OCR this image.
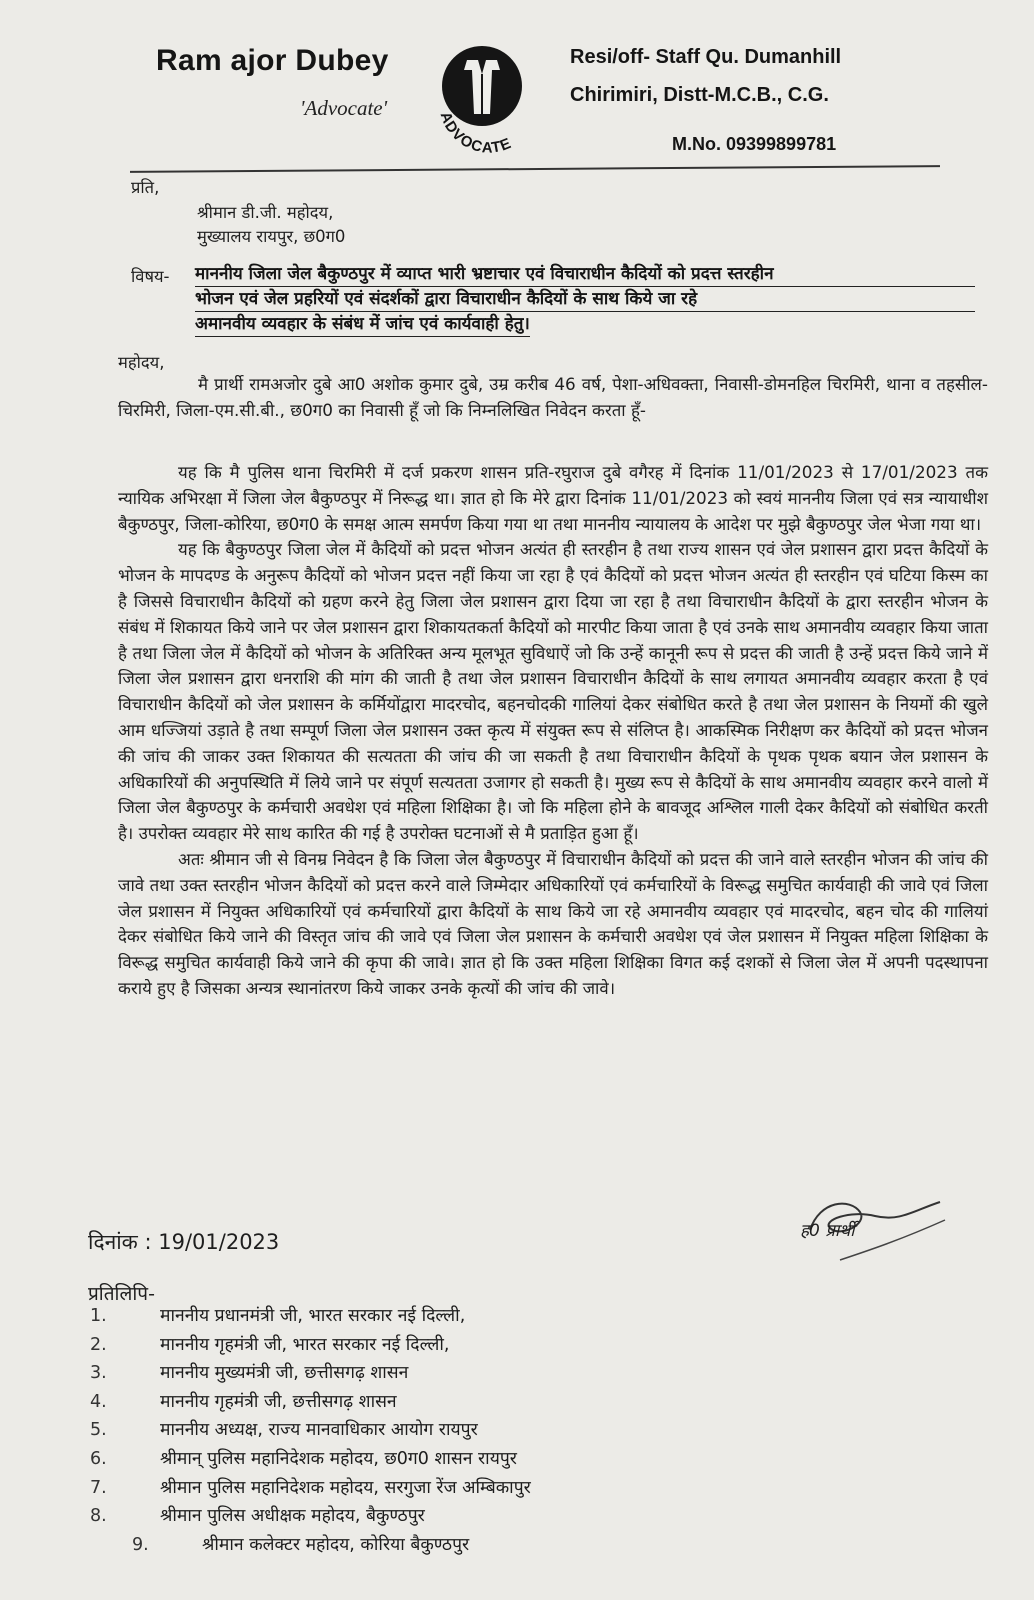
Ram ajor Dubey
'Advocate'	ADVOCATE
Resi/off- Staff Qu. Dumanhill
Chirimiri, Distt-M.C.B., C.G.
M.No. 09399899781
प्रति,
श्रीमान डी.जी. महोदय,
मुख्यालय रायपुर, छ0ग0
विषय- माननीय जिला जेल बैकुण्ठपुर में व्याप्त भारी भ्रष्टाचार एवं विचाराधीन कैदियों को प्रदत्त स्तरहीन
भोजन एवं जेल प्रहरियों एवं संदर्शकों द्वारा विचाराधीन कैदियों के साथ किये जा रहे
अमानवीय व्यवहार के संबंध में जांच एवं कार्यवाही हेतु।
महोदय,

मै प्रार्थी रामअजोर दुबे आ0 अशोक कुमार दुबे, उम्र करीब 46 वर्ष, पेशा-अधिवक्ता, निवासी-डोमनहिल चिरमिरी, थाना व तहसील-चिरमिरी, जिला-एम.सी.बी., छ0ग0 का निवासी हूँ जो कि निम्नलिखित निवेदन करता हूँ-

यह कि मै पुलिस थाना चिरमिरी में दर्ज प्रकरण शासन प्रति-रघुराज दुबे वगैरह में दिनांक 11/01/2023 से 17/01/2023 तक न्यायिक अभिरक्षा में जिला जेल बैकुण्ठपुर में निरूद्ध था। ज्ञात हो कि मेरे द्वारा दिनांक 11/01/2023 को स्वयं माननीय जिला एवं सत्र न्यायाधीश बैकुण्ठपुर, जिला-कोरिया, छ0ग0 के समक्ष आत्म समर्पण किया गया था तथा माननीय न्यायालय के आदेश पर मुझे बैकुण्ठपुर जेल भेजा गया था।

यह कि बैकुण्ठपुर जिला जेल में कैदियों को प्रदत्त भोजन अत्यंत ही स्तरहीन है तथा राज्य शासन एवं जेल प्रशासन द्वारा प्रदत्त कैदियों के भोजन के मापदण्ड के अनुरूप कैदियों को भोजन प्रदत्त नहीं किया जा रहा है एवं कैदियों को प्रदत्त भोजन अत्यंत ही स्तरहीन एवं घटिया किस्म का है जिससे विचाराधीन कैदियों को ग्रहण करने हेतु जिला जेल प्रशासन द्वारा दिया जा रहा है तथा विचाराधीन कैदियों के द्वारा स्तरहीन भोजन के संबंध में शिकायत किये जाने पर जेल प्रशासन द्वारा शिकायतकर्ता कैदियों को मारपीट किया जाता है एवं उनके साथ अमानवीय व्यवहार किया जाता है तथा जिला जेल में कैदियों को भोजन के अतिरिक्त अन्य मूलभूत सुविधाऐं जो कि उन्हें कानूनी रूप से प्रदत्त की जाती है उन्हें प्रदत्त किये जाने में जिला जेल प्रशासन द्वारा धनराशि की मांग की जाती है तथा जेल प्रशासन विचाराधीन कैदियों के साथ लगायत अमानवीय व्यवहार करता है एवं विचाराधीन कैदियों को जेल प्रशासन के कर्मियोंद्वारा मादरचोद, बहनचोदकी गालियां देकर संबोधित करते है तथा जेल प्रशासन के नियमों की खुले आम धज्जियां उड़ाते है तथा सम्पूर्ण जिला जेल प्रशासन उक्त कृत्य में संयुक्त रूप से संलिप्त है। आकस्मिक निरीक्षण कर कैदियों को प्रदत्त भोजन की जांच की जाकर उक्त शिकायत की सत्यतता की जांच की जा सकती है तथा विचाराधीन कैदियों के पृथक पृथक बयान जेल प्रशासन के अधिकारियों की अनुपस्थिति में लिये जाने पर संपूर्ण सत्यतता उजागर हो सकती है। मुख्य रूप से कैदियों के साथ अमानवीय व्यवहार करने वालो में जिला जेल बैकुण्ठपुर के कर्मचारी अवधेश एवं महिला शिक्षिका है। जो कि महिला होने के बावजूद अश्लिल गाली देकर कैदियों को संबोधित करती है। उपरोक्त व्यवहार मेरे साथ कारित की गई है उपरोक्त घटनाओं से मै प्रताड़ित हुआ हूँ।

अतः श्रीमान जी से विनम्र निवेदन है कि जिला जेल बैकुण्ठपुर में विचाराधीन कैदियों को प्रदत्त की जाने वाले स्तरहीन भोजन की जांच की जावे तथा उक्त स्तरहीन भोजन कैदियों को प्रदत्त करने वाले जिम्मेदार अधिकारियों एवं कर्मचारियों के विरूद्ध समुचित कार्यवाही की जावे एवं जिला जेल प्रशासन में नियुक्त अधिकारियों एवं कर्मचारियों द्वारा कैदियों के साथ किये जा रहे अमानवीय व्यवहार एवं मादरचोद, बहन चोद की गालियां देकर संबोधित किये जाने की विस्तृत जांच की जावे एवं जिला जेल प्रशासन के कर्मचारी अवधेश एवं जेल प्रशासन में नियुक्त महिला शिक्षिका के विरूद्ध समुचित कार्यवाही किये जाने की कृपा की जावे। ज्ञात हो कि उक्त महिला शिक्षिका विगत कई दशकों से जिला जेल में अपनी पदस्थापना कराये हुए है जिसका अन्यत्र स्थानांतरण किये जाकर उनके कृत्यों की जांच की जावे।

दिनांक : 19/01/2023	ह0 प्रार्थी
प्रतिलिपि-
1.	माननीय प्रधानमंत्री जी, भारत सरकार नई दिल्ली,
2.	माननीय गृहमंत्री जी, भारत सरकार नई दिल्ली,
3.	माननीय मुख्यमंत्री जी, छत्तीसगढ़ शासन
4.	माननीय गृहमंत्री जी, छत्तीसगढ़ शासन
5.	माननीय अध्यक्ष, राज्य मानवाधिकार आयोग रायपुर
6.	श्रीमान् पुलिस महानिदेशक महोदय, छ0ग0 शासन रायपुर
7.	श्रीमान पुलिस महानिदेशक महोदय, सरगुजा रेंज अम्बिकापुर
8.	श्रीमान पुलिस अधीक्षक महोदय, बैकुण्ठपुर
9.	श्रीमान कलेक्टर महोदय, कोरिया बैकुण्ठपुर
